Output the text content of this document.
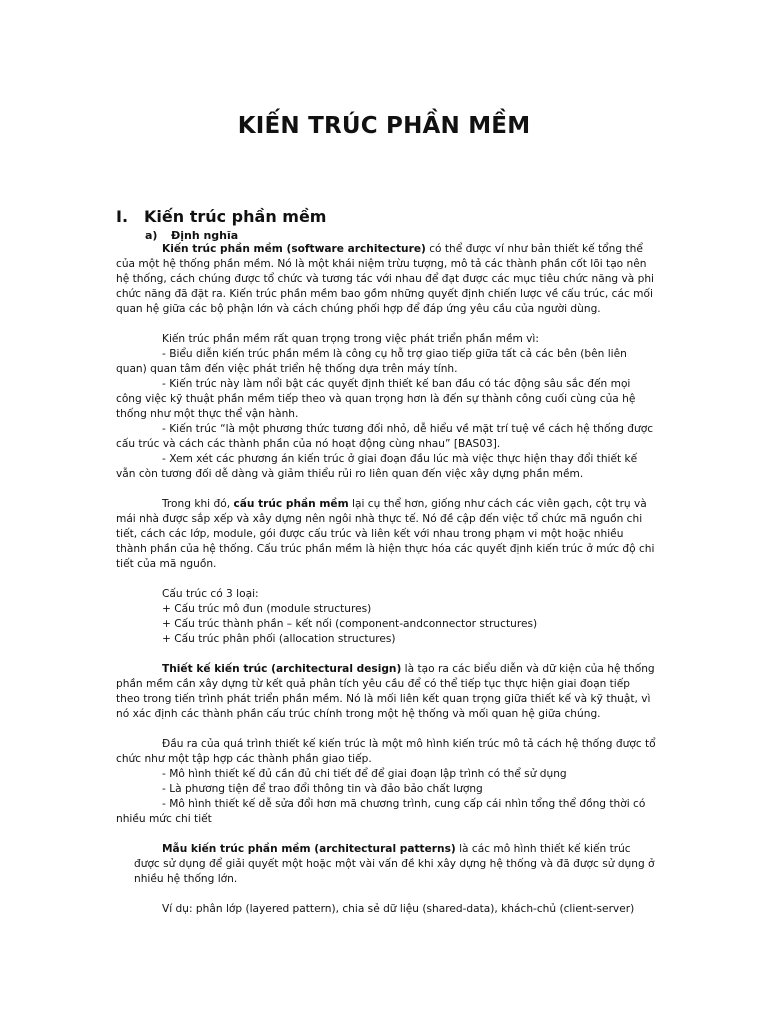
KIẾN TRÚC PHẦN MỀM
I. Kiến trúc phần mềm
a) Định nghĩa

Kiến trúc phần mềm (software architecture) có thể được ví như bản thiết kế tổng thể của một hệ thống phần mềm. Nó là một khái niệm trừu tượng, mô tả các thành phần cốt lõi tạo nên hệ thống, cách chúng được tổ chức và tương tác với nhau để đạt được các mục tiêu chức năng và phi chức năng đã đặt ra. Kiến trúc phần mềm bao gồm những quyết định chiến lược về cấu trúc, các mối quan hệ giữa các bộ phận lớn và cách chúng phối hợp để đáp ứng yêu cầu của người dùng.

Kiến trúc phần mềm rất quan trọng trong việc phát triển phần mềm vì:

- Biểu diễn kiến trúc phần mềm là công cụ hỗ trợ giao tiếp giữa tất cả các bên (bên liên quan) quan tâm đến việc phát triển hệ thống dựa trên máy tính.

- Kiến trúc này làm nổi bật các quyết định thiết kế ban đầu có tác động sâu sắc đến mọi công việc kỹ thuật phần mềm tiếp theo và quan trọng hơn là đến sự thành công cuối cùng của hệ thống như một thực thể vận hành.

- Kiến trúc “là một phương thức tương đối nhỏ, dễ hiểu về mặt trí tuệ về cách hệ thống được cấu trúc và cách các thành phần của nó hoạt động cùng nhau” [BAS03].

- Xem xét các phương án kiến trúc ở giai đoạn đầu lúc mà việc thực hiện thay đổi thiết kế vẫn còn tương đối dễ dàng và giảm thiểu rủi ro liên quan đến việc xây dựng phần mềm.

Trong khi đó, cấu trúc phần mềm lại cụ thể hơn, giống như cách các viên gạch, cột trụ và mái nhà được sắp xếp và xây dựng nên ngôi nhà thực tế. Nó đề cập đến việc tổ chức mã nguồn chi tiết, cách các lớp, module, gói được cấu trúc và liên kết với nhau trong phạm vi một hoặc nhiều thành phần của hệ thống. Cấu trúc phần mềm là hiện thực hóa các quyết định kiến trúc ở mức độ chi tiết của mã nguồn.

Cấu trúc có 3 loại:

+ Cấu trúc mô đun (module structures)

+ Cấu trúc thành phần – kết nối (component-andconnector structures)

+ Cấu trúc phân phối (allocation structures)

Thiết kế kiến trúc (architectural design) là tạo ra các biểu diễn và dữ kiện của hệ thống phần mềm cần xây dựng từ kết quả phân tích yêu cầu để có thể tiếp tục thực hiện giai đoạn tiếp theo trong tiến trình phát triển phần mềm. Nó là mối liên kết quan trọng giữa thiết kế và kỹ thuật, vì nó xác định các thành phần cấu trúc chính trong một hệ thống và mối quan hệ giữa chúng.

Đầu ra của quá trình thiết kế kiến trúc là một mô hình kiến trúc mô tả cách hệ thống được tổ chức như một tập hợp các thành phần giao tiếp.

- Mô hình thiết kế đủ cần đủ chi tiết để để giai đoạn lập trình có thể sử dụng

- Là phương tiện để trao đổi thông tin và đảo bảo chất lượng

- Mô hình thiết kế dễ sửa đổi hơn mã chương trình, cung cấp cái nhìn tổng thể đồng thời có nhiều mức chi tiết

Mẫu kiến trúc phần mềm (architectural patterns) là các mô hình thiết kế kiến trúc được sử dụng để giải quyết một hoặc một vài vấn đề khi xây dựng hệ thống và đã được sử dụng ở nhiều hệ thống lớn.

Ví dụ: phân lớp (layered pattern), chia sẻ dữ liệu (shared-data), khách-chủ (client-server)
